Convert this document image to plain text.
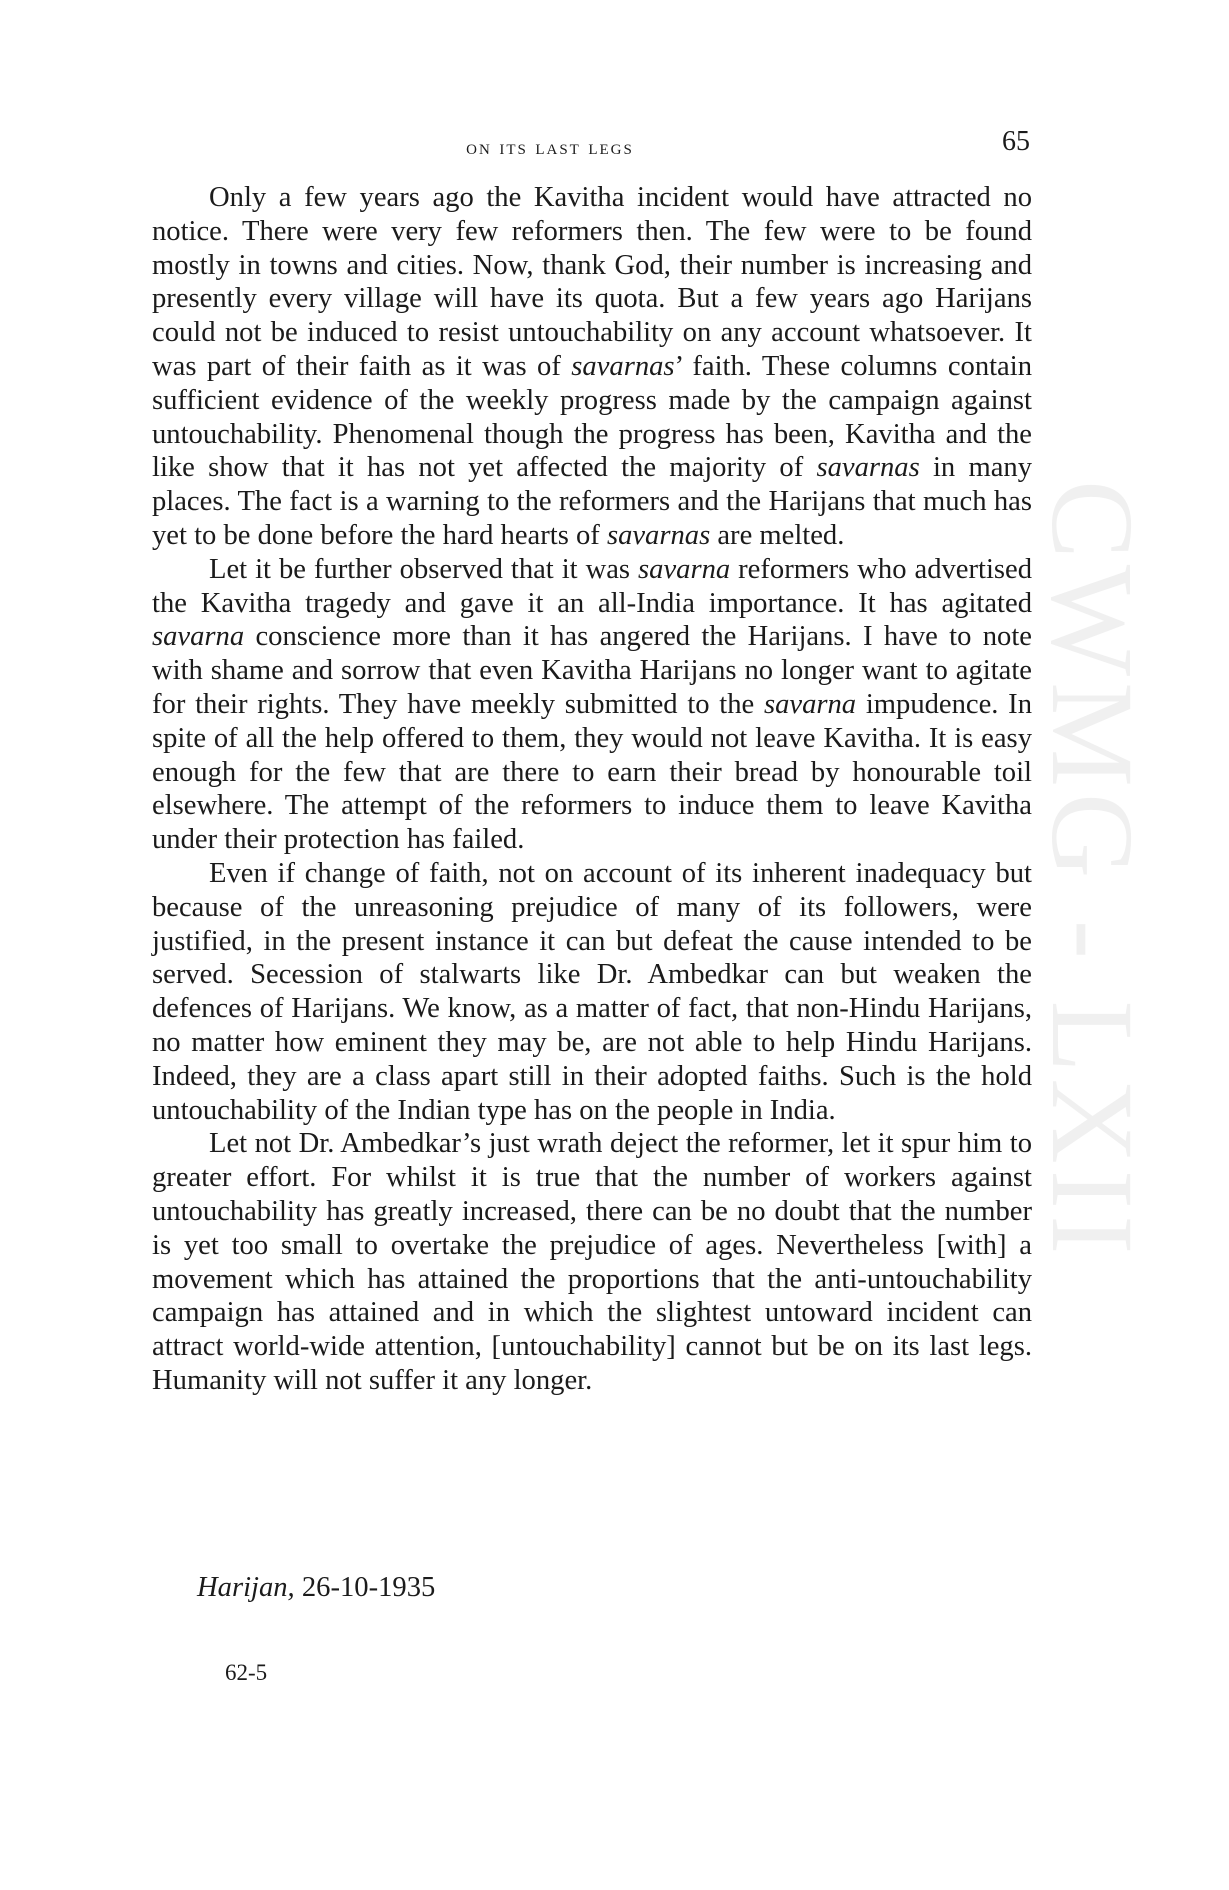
CWMG - LXII
on its last legs	65

Only a few years ago the Kavitha incident would have attracted no notice. There were very few reformers then. The few were to be found mostly in towns and cities. Now, thank God, their number is increasing and presently every village will have its quota. But a few years ago Harijans could not be induced to resist untouchability on any account whatsoever. It was part of their faith as it was of savarnas’ faith. These columns contain sufficient evidence of the weekly progress made by the campaign against untouchability. Phenomenal though the progress has been, Kavitha and the like show that it has not yet affected the majority of savarnas in many places. The fact is a warning to the reformers and the Harijans that much has yet to be done before the hard hearts of savarnas are melted.

Let it be further observed that it was savarna reformers who advertised the Kavitha tragedy and gave it an all-India importance. It has agitated savarna conscience more than it has angered the Harijans. I have to note with shame and sorrow that even Kavitha Harijans no longer want to agitate for their rights. They have meekly submitted to the savarna impudence. In spite of all the help offered to them, they would not leave Kavitha. It is easy enough for the few that are there to earn their bread by honourable toil elsewhere. The attempt of the reformers to induce them to leave Kavitha under their protection has failed.

Even if change of faith, not on account of its inherent inadequacy but because of the unreasoning prejudice of many of its followers, were justified, in the present instance it can but defeat the cause intended to be served. Secession of stalwarts like Dr. Ambedkar can but weaken the defences of Harijans. We know, as a matter of fact, that non-Hindu Harijans, no matter how eminent they may be, are not able to help Hindu Harijans. Indeed, they are a class apart still in their adopted faiths. Such is the hold untouchability of the Indian type has on the people in India.

Let not Dr. Ambedkar’s just wrath deject the reformer, let it spur him to greater effort. For whilst it is true that the number of workers against untouchability has greatly increased, there can be no doubt that the number is yet too small to overtake the prejudice of ages. Nevertheless [with] a movement which has attained the proportions that the anti-untouchability campaign has attained and in which the slightest untoward incident can attract world-wide attention, [untouchability] cannot but be on its last legs. Humanity will not suffer it any longer.

Harijan, 26-10-1935
62-5
